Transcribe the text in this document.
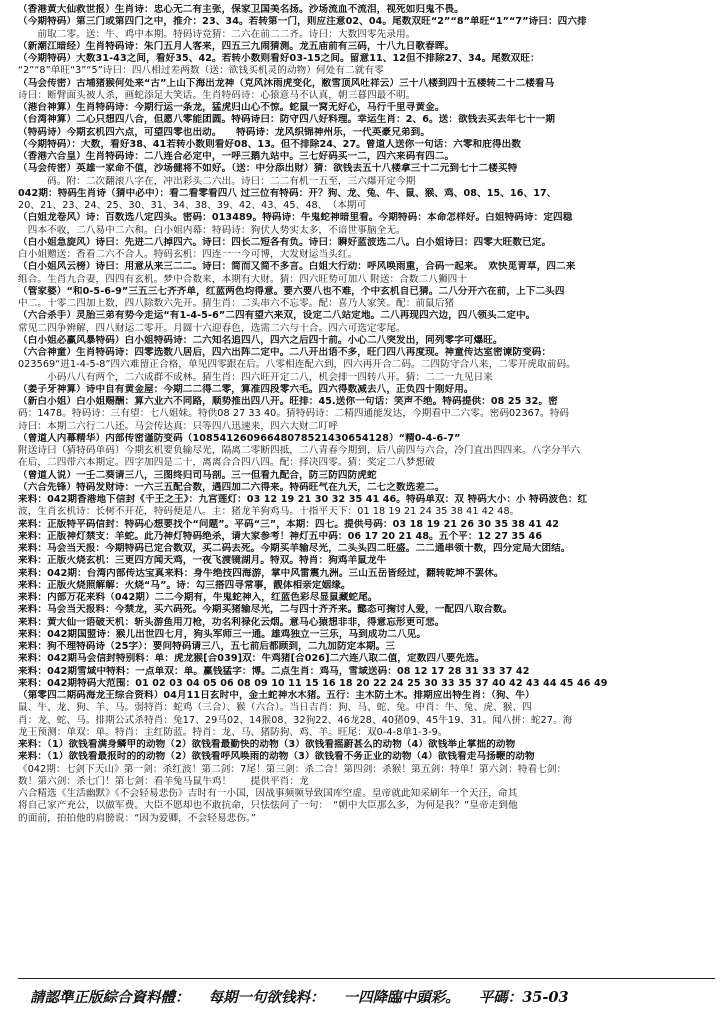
（香港黄大仙救世报）生肖诗：忠心无二有主张，保家卫国美名扬。沙场流血不流泪，视死如归鬼不畏。
（今期特码）第三门或第四门之中，推介：23、34。若转第一门，则应注意02、04。尾数双旺“2”“8”单旺“1”“7”诗曰：四六排
　　前取二零。送：牛、鸡中本期。特码诗竞猜：二六在前二二齐。诗曰：大数四零先录用。
（新潮江暗经）生肖特码诗：朱门五月人客来，四五三九闹猜测。龙五庙前有三码，十八九日歌春晖。
（今期特码）大数31-43之间，看好35、42。若转小数则看好03-15之间。留意11、12但不排除27、34。尾数双旺：
“2”“8”单旺“3”“5”诗曰：四八相过差两数（送：欲钱买机灵的动物）何处有二就有零
（马会传密）古埔猪猴何处来“古”上山下海出龙神（克风沐雨虎变化，敝雪顶风吐祥云）三十八楼到四十五楼转二十二楼看马
诗曰：断臂面头被人杀，画蛇添足大笑话。生肖特码诗：心猿意马不认真，朝三暮四最不明。
（港台神算）生肖特码诗：今期行运一条龙，猛虎归山心不惊。蛇鼠一窝无好心，马行千里寻黄金。
（台湾神算）二心只想四八合，但愿八零能团圆。特码诗曰：防守四八好料理。幸运生肖：2、6。送：欲钱去买去年七十一期
（特码诗）今期玄机四六点，可望四零也出动。　　特码诗：龙风织锦神州乐，一代英豪兄弟到。
（今期特码）：大数，看好38、41若转小数则看好08、13。但不排除24、27。曾道人送你一句话：六零和庇得出数
（香港六合皇）生肖特码诗：二八连合必定中，一呼三鹅九站中。三七好码买一二，四六来码有四二。
（马会传密）英雄一家命不值，沙场健将不如好。（送：中分添出财）猜：欲钱去五十八楼拿三十二元到七十二楼买特
　　　码。附：二次翻滚八字在，冲出彩头二六出。诗曰：二二有机一五至，三六爆开定今期
042期：特码生肖诗（猜中必中）：看二看零看四八 过三位有特码：开？狗、龙、兔、牛、鼠、猴、鸡、08、15、16、17、
20、21、23、24、25、30、31、34、38、39、42、43、45、48、　（本期可
（白姐龙卷风）诗：百数选八定四头。密码：013489。特码诗：牛鬼蛇神暗里看。今期特码：本命怎样好。白姐特码诗：定四稳
　四本不收，二八易中二六和。白小姐内幕：特码诗：狗伏人势实太多，不谙世事脑全无。
（白小姐急旋风）诗曰：先进二八掉四六。诗曰：四长二短各有负。诗曰：瞬好蓝波选二八。白小姐诗曰：四零大旺数已定。
白小姐赠送：香看二六不合人。特码玄机：四连一一今可博，大发财运当头红。
（白小姐风云榜）诗曰：用意从来三二二。诗曰：简而又简不多言。白姐大行动：呼风唤雨重，合码一起来。　欢快觅青草，四二来
组合。生肖九合妻，四四有玄机。梦中合数来，本期有大财。猜：四六旺势可加八 附送：合数二八狮四十
（管家婆）“和0-5-6-9”三五三七齐齐单，红蓝两色均得意。要六要八也不难，个中玄机自已猜。二八分开六在前，上下二头四
中二。十零二四加上数，四八除数六先开。猜生肖：二头串六不忘零。配：喜乃人家笑。配：前鼠后猪
（六合杀手）灵胎三弟有势今走运“有1-4-5-6”二四有望六来双，设定二八站定地。二八再现四六边，四八领头二定中。
常见二四争辨解，四八财运二零开。月圆十六迎春色，选需二六与十合。四六可选定零尾。
（白小姐必赢风暴特码）白小姐特码诗：二六知名追四八，四六之后四十前。小心二八突发出，同列零字可爆旺。
（六合神童）生肖特码诗：四零选数八居后，四六出阵二定中。二八开出语不多，旺门四八再度现。神童传达室密谏防变码：
023569“进1-4-5-8”四六难留正合格，单见四零跟在后。八零相连配六到，四六再开合二码。二四防守合八来，二零开虎取前码。
　　　小码八八有两个，二六成群不成林。猜生肖：四六旺开定二八，机会排一四转八开。猜：二二一九见日来
（姜子牙神算）诗中自有黄金屋：今期二二得二零，算准四段零六毛。四六得数减去八，正负四十刚好用。
（新白小姐）白小姐赐酬：算六业六不同路，顺势推出四八开。旺排：45.送你一句话：笑声不绝。特码提供：08 25 32。密
码：1478。特码诗：三有望：七八姐妹。特供08 27 33 40。猜特码诗：二精四通能发达，今期看中二六零。密码02367。特码
诗曰：本期二六行二八还。马会传达真：只等四八迅速来，四六大财二叮呼
（曾道人内幕精华）内部传密谨防变码（10854126096648078521430654128）“精0-4-6-7”
附送诗曰（猜特码单码）今期玄机要负输尽光，隔离二零断四抵，二八青春今期到，后八前四与六合，冷门直出四四来。八字分半六
在后，二四带六本期定。四字加四是二十，离离合合四八四。配：择决四零。猜：奖定二八梦想破
（曾道人说）一壬二葵请三八，三图终归司马剖。三一但看九配合，防三防四防虎蛇
（六合先锋）特码发财诗：一六三五配合数，遇四加二六得来。特码旺气在九天，二七之数选差二。
来料：042期香港地下信封《千王之王》：九宫莲灯：03 12 19 21 30 32 35 41 46。特码单双：双 特码大小：小 特码波色：红
波，生肖玄机诗：长树不开花，特码便是八。主：猪龙羊狗鸡马。十指平天下：01 18 19 21 24 35 38 41 42 48。
来料：正版特平码信封：特码心想要找个“问题”。平码“三”，本期：四七。提供号码：03 18 19 21 26 30 35 38 41 42
来料：正版神灯禁支：羊蛇。此乃神灯特码绝杀，请大家参考！神灯五中码：06 17 20 21 48。五个平：12 27 35 46
来料：马会当天报：今期特码已定合数双，买二码去死。今期买羊输尽光，二头头四二旺盛。二二通串领十数，四分定局大团结。
来料：正版火烧玄机：三更四方闻天鸡，一夜飞渡镜湖月。特双。特肖：狗鸡羊鼠龙牛
来料：042期：台湾内部传达宝真来料：身牛绝技四海游，掌中风雷震九洲。三山五岳皆经过，翻转乾坤不罢休。
来料：正版火烧照解解：火烧“马”。诗：勾三搭四寻常事，靓体相亲定姻缘。
来料：内部万花来料（042期）二二今期有，牛鬼蛇神入，红蓝色彩尽显鼠藏蛇尾。
来料：马会当天报料：今禁龙，买六码死。今期买猪输尽光，二与四十齐齐来。懿态可掬讨人爱，一配四八取合数。
来料：黄大仙一语破天机：斩头游鱼用刀枪，功名利禄化云烟。意马心猿想非非，得意忘形更可悲。
来料：042期国盟诗：猴儿出世四七月，狗头军师三一通。雄鸡独立一三乐，马到成功二八见。
来料：狗不理特码诗（25字）：要问特码请三八，五七前后都顾到，二九加防定本期。三
来料：042期马会信封特别料：单：虎龙猴[合039]双：牛鸡猪[合026]二六连八取二值，定数四八要先选。
来料：042期雪域中特料：一点单双：单。赢钱猛字：博。二点生肖：鸡马，雪域送码：08 12 17 28 31 33 37 42
来料：042期特码大范围：01 02 03 04 05 06 08 09 10 11 15 16 18 20 22 24 25 30 33 35 37 40 42 43 44 45 46 49
（第零四二期码海龙王综合资料）04月11日玄时中，金土蛇神水木猪。五行：主木防土木。排期应出特生肖：（狗、牛）
鼠、牛、龙、狗、羊、马。弱特肖：蛇鸡（三合）、猴（六合）。当日吉肖：狗、马、蛇、兔。中肖：牛、兔、虎、猴、四
肖：龙、蛇、马。排期公式杀特肖：兔17、29马02、14猴08、32狗22、46龙28、40猪09、45牛19、31。闻八拼：蛇27。海
龙王预测：单双：单。特肖：主红防蓝。特肖：龙、马、猪防狗、鸡、羊。旺尾：双0-4-8单1-3-9。
来料：（1）欲钱看满身鳞甲的动物（2）欲钱看最勤快的动物（3）欲钱看摇蔚甚么的动物（4）欲钱举止掌拙的动物
来料：（1）欲钱看最报时的的动物（2）欲钱看呼风唤雨的动物（3）欲钱看不务正业的动物（4）欲钱看走马扬鞭的动物
《042期：七剑下天山》第一剑：杀红波！第二剑：7尾！第三剑：杀二合！第四剑：杀猴！第五剑：特单！第六剑：特看七剑：
数！第六剑：杀七门！第七剑：看羊兔马鼠牛鸡！　　提供平肖：龙
六合精选《生活幽默》《不会轻易悲伤》吉时有一小国，因战事频频导致国库空虚。皇帝就此知采刷年一个天汪，命其
将自己家产充公，以做军费。大臣不愿却也不敢抗命，只怯怯问了一句：　“朝中大臣那么多，为何是我？”皇帝走到他
的面前，拍拍他的肩膀说：“因为爱卿，不会轻易悲伤。”
請認準正版綜合資料體： 每期一句欲钱料： 一四降臨中頭彩。 平碼：35-03
